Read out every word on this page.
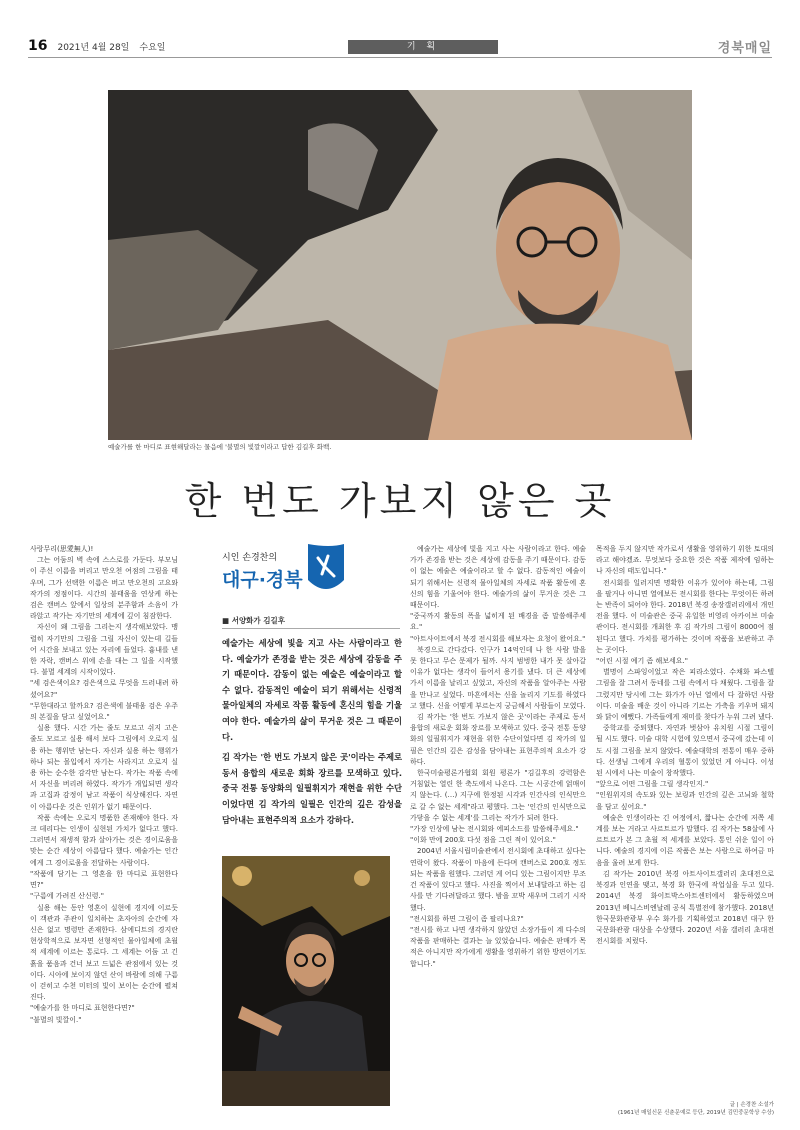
16 2021년 4월 28일 수요일	기 획	경북매일
예술가를 한 마디로 표현해달라는 물음에 '불멸의 빛깔이라고 답한 김길후 화백.
한 번도 가보지 않은 곳

사랑무리(思愛無人)!

그는 어둠의 벽 속에 스스로를 가둔다. 부모님이 주신 이름을 버리고 만오천 여점의 그림을 태우며, 그가 선택한 이름은 버고 만오천의 고요와 작가의 정점이다. 시간의 불태움을 연상케 하는 검은 캔버스 앞에서 일상의 분주함과 소음이 가라앉고 작가는 자기만의 세계에 깊이 침잠한다.

자신이 왜 그림을 그리는지 생각해보았다. 맹렬히 자기만의 그림을 그릴 자신이 있는데 길들어 시간을 보내고 있는 자리에 들었다. 흉내를 낸 한 자락, 캔버스 위에 손을 대는 그 일을 시작했다. 불멸 세계의 시작이었다.

"세 검은색이요? 검은색으로 무엇을 드러내려 하셨어요?"

"무한대라고 할까요? 검은색에 불태움 검은 우주의 본질을 담고 싶었어요."

실용 했다. 시간 가는 줄도 모르고 쉬지 고은 줄도 모르고 실용 해서 보다 그림에서 오로지 실용 하는 행위만 남는다. 자신과 실용 하는 행위가 하나 되는 몰입에서 자기는 사라지고 오로지 실용 하는 순수한 감각만 남는다. 작가는 작품 속에서 자신을 버리려 하였다. 작가가 개입되면 생각과 고집과 감정이 남고 작품이 식상해진다. 자연이 아름다운 것은 인위가 없기 때문이다.

작품 속에는 오로지 명품한 존재해야 한다. 자크 데리다는 인생이 실현된 가치가 없다고 했다. 그러면서 재생적 함과 살아가는 것은 경이로움을 맞는 순간 세상이 아름답다 했다. 예술가는 인간에게 그 경이로움을 전달하는 사람이다.

"작품에 담기는 그 영혼을 한 마디로 표현한다면?"

"구름에 가려진 산신령."

실용 해는 동안 영혼이 실현에 경지에 이르듯이 객관과 주관이 일치하는 초자아의 순간에 자신은 없고 명령만 존재한다. 삼에디트의 경지란 현상학적으로 보자면 선형적인 물아일체에 초월적 세계에 이르는 통로다. 그 세계는 어둠 고 긴 흙을 품음과 건너 보고 드넓은 관점에서 있는 것이다. 시아에 보이지 않던 산이 바람에 의해 구름이 걷히고 수천 미터의 빛이 보이는 순간에 펼쳐진다.

"예술가를 한 마디로 표현한다면?"

"불멸의 빛깔이."

시인 손경찬의
대구·경북
■ 서양화가 김길후

예술가는 세상에 빛을 지고 사는 사람이라고 한다. 예술가가 존경을 받는 것은 세상에 감동을 주기 때문이다. 감동이 없는 예술은 예술이라고 할 수 없다. 감동적인 예술이 되기 위해서는 신령적 물아일체의 자세로 작품 활동에 혼신의 힘을 기울여야 한다. 예술가의 삶이 무거운 것은 그 때문이다.

김 작가는 '한 번도 가보지 않은 곳'이라는 주제로 동서 융합의 새로운 회화 장르를 모색하고 있다. 중국 전통 동양화의 일필휘지가 재현을 위한 수단이었다면 김 작가의 일필은 인간의 깊은 감성을 담아내는 표현주의적 요소가 강하다.

예술가는 세상에 빛을 지고 사는 사람이라고 한다. 예술가가 존경을 받는 것은 세상에 감동을 주기 때문이다. 감동이 없는 예술은 예술이라고 할 수 없다. 감동적인 예술이 되기 위해서는 신령적 물아일체의 자세로 작품 활동에 혼신의 힘을 기울여야 한다. 예술가의 삶이 무거운 것은 그 때문이다.

"중국까지 활동의 폭을 넓히게 된 배경을 좀 말씀해주세요."

"아트사이트에서 북경 전시회를 해보자는 요청이 왔어요."

북경으로 간다갔다. 인구가 14억인데 나 한 사람 발을 못 한다고 무슨 문제가 될까. 사지 범벙한 내가 못 살아갈 이유가 없다는 생각이 들어서 용기를 냈다. 더 큰 세상에 가서 이름을 날리고 싶었고, 자신의 작품을 알아주는 사람을 만나고 싶었다. 마흔에서는 신을 놀리지 기도를 하였다고 했다. 신을 어떻게 부르는지 궁금해서 사람들이 모였다.

김 작가는 '한 번도 가보지 않은 곳'이라는 주제로 동서 융합의 새로운 회화 장르를 모색하고 있다. 중국 전통 동양화의 일필휘지가 재현을 위한 수단이었다면 김 작가의 일필은 인간의 깊은 감성을 담아내는 표현주의적 요소가 강하다.

한국미술평론가협회 회원 평론가 "김길후의 강력함은 거침없는 열린 한 축도에서 나온다. 그는 시공간에 얽매이지 않는다. (…) 지구에 한정된 시각과 인간사의 인식만으로 갈 수 없는 세계"라고 평했다. 그는 '인간의 인식만으로 가닿을 수 없는 세계'를 그리는 작가가 되려 한다.

"가장 인상에 남는 전시회와 에피소드를 말씀해주세요."

"이화 만에 200호 다섯 점을 그린 적이 있어요."

2004년 서울시립미술관에서 전시회에 초대하고 싶다는 연락이 왔다. 작품이 마음에 든다며 캔버스로 200호 정도 되는 작품을 원했다. 그러던 게 어디 있는 그림이지만 무조건 작품이 있다고 했다. 사진을 찍어서 보내달라고 하는 김 사를 만 기다려달라고 했다. 밤을 꼬박 새우며 그리기 시작했다.

"전시회를 하면 그림이 좀 팔리나요?"

"전시를 하고 나면 생각하지 않았던 소장가들이 계 다수의 작품을 판매하는 결과는 늘 있었습니다. 예술은 판매가 목적은 아니지만 작가에게 생활을 영위하기 위한 방편이기도 합니다."

목적을 두지 않지만 작가로서 생활을 영위하기 위한 토대의 라고 해야겠죠. 무엇보다 중요한 것은 작품 제작에 임하는 나 자신의 태도입니다."

전시회를 일러지면 명확한 이유가 있어야 하는데, 그림을 팔거나 아니면 열에보든 전시회를 한다는 무엇이든 하려는 반족이 되어야 한다. 2018년 북경 송장갤러리에서 개인전을 했다. 이 미술관은 중국 유일한 비영리 아카이브 미술관이다. 전시회를 개최한 후 김 작가의 그림이 8000여 점 된다고 했다. 가치를 평가하는 것이며 작품을 보관하고 주는 곳이다.

"어린 시절 예기 좀 해보세요."

별명이 스파잉이었고 작은 피라소였다. 수채화 파스텔 그림을 잘 그려서 동네를 그림 속에서 다 채웠다. 그림을 잘 그렸지만 당시에 그는 화가가 아닌 열에서 다 잘하던 사람이다. 미술을 배운 것이 아니라 기르는 가축을 키우며 돼지와 닭이 예뻤다. 가족들에게 재미를 찾다가 누워 그려 냈다.

중학교를 중퇴했다. 자연과 벗삼아 유치원 시절 그림이 될 시도 했다. 미술 대학 시험에 있으면서 중국에 갔는데 이 도 시절 그림을 보지 않았다. 예술대학의 전통이 매우 중하다. 선생님 그에게 우리의 혈통이 있었던 게 아니다. 이성 된 시에서 나는 미술이 창작했다.

"앞으로 어떤 그림을 그릴 생각인지."

"인원위지의 속도와 있는 보링과 인간의 깊은 고뇌와 철학을 담고 싶어요."

예술은 인생이라는 긴 여정에서, 짧나는 순간에 저쪽 세계를 보는 거라고 사르트르가 말했다. 김 작가는 58살에 사르트르가 본 그 초월 적 세계를 보았다. 통인 쉬운 일이 아니다. 예술의 경지에 이른 작품은 보는 사람으로 하여금 마음을 울려 보게 한다.

김 작가는 2010년 북경 아트사이트갤러리 초대전으로 북경과 인연을 맺고, 북경 화 한국에 작업실을 두고 있다. 2014년 북경 화이트박스아트센터에서 활동하였으며 2013년 베니스비엔날레 공식 특별전에 참가했다. 2018년 한국문화관광부 우수 화가를 기획하였고 2018년 대구 한국문화관광 대상을 수상했다. 2020년 서울 갤러리 초대전 전시회를 치렀다.

글 | 손경찬 소설가
(1961년 매일신문 신춘문예로 등단, 2019년 김민중문학상 수상)
